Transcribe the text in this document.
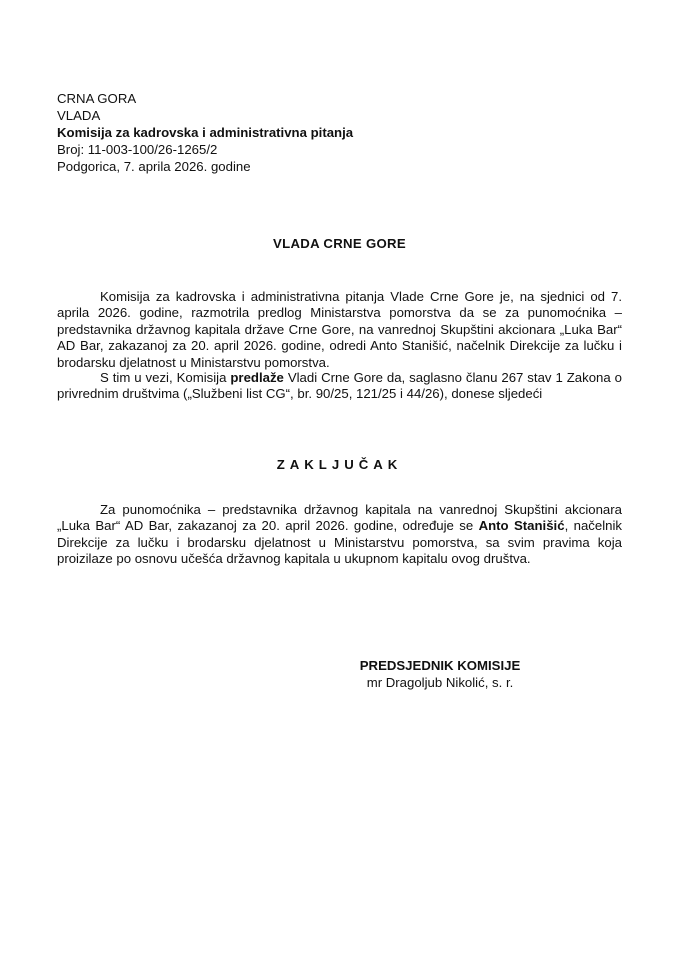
CRNA GORA
VLADA
Komisija za kadrovska i administrativna pitanja
Broj: 11-003-100/26-1265/2
Podgorica, 7. aprila 2026. godine
VLADA CRNE GORE
Komisija za kadrovska i administrativna pitanja Vlade Crne Gore je, na sjednici od 7. aprila 2026. godine, razmotrila predlog Ministarstva pomorstva da se za punomoćnika – predstavnika državnog kapitala države Crne Gore, na vanrednoj Skupštini akcionara „Luka Bar“ AD Bar, zakazanoj za 20. april 2026. godine, odredi Anto Stanišić, načelnik Direkcije za lučku i brodarsku djelatnost u Ministarstvu pomorstva.
S tim u vezi, Komisija predlaže Vladi Crne Gore da, saglasno članu 267 stav 1 Zakona o privrednim društvima („Službeni list CG“, br. 90/25, 121/25 i 44/26), donese sljedeći
ZAKLJUČAK
Za punomoćnika – predstavnika državnog kapitala na vanrednoj Skupštini akcionara „Luka Bar“ AD Bar, zakazanoj za 20. april 2026. godine, određuje se Anto Stanišić, načelnik Direkcije za lučku i brodarsku djelatnost u Ministarstvu pomorstva, sa svim pravima koja proizilaze po osnovu učešća državnog kapitala u ukupnom kapitalu ovog društva.
PREDSJEDNIK KOMISIJE
mr Dragoljub Nikolić, s. r.
